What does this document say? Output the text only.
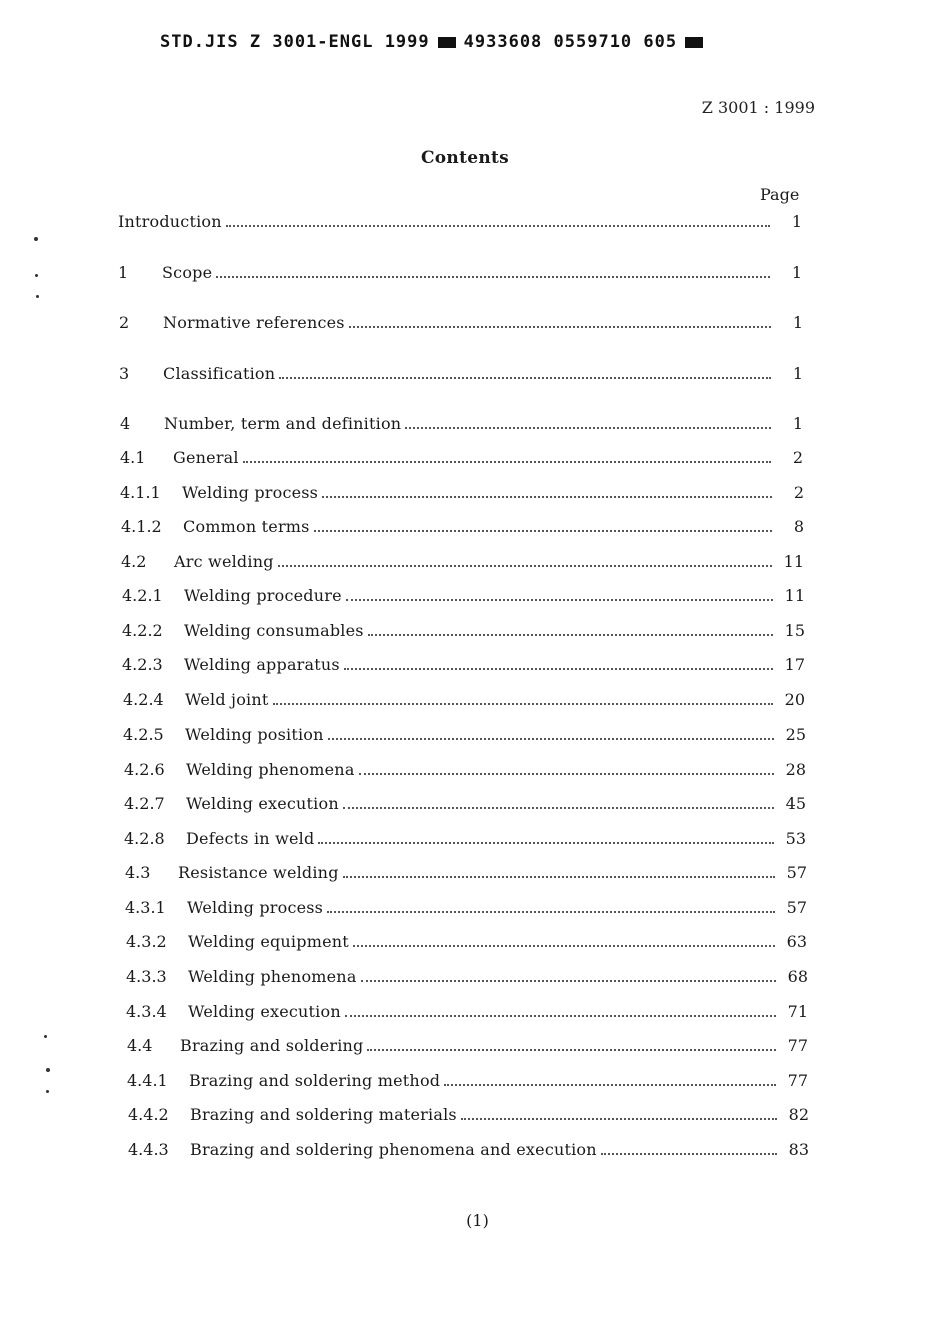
STD.JIS Z 3001-ENGL 1999 4933608 0559710 605
Z 3001 : 1999
Contents
Page
Introduction	1
1	Scope	1
2	Normative references	1
3	Classification	1
4	Number, term and definition	1
4.1	General	2
4.1.1	Welding process	2
4.1.2	Common terms	8
4.2	Arc welding	11
4.2.1	Welding procedure	11
4.2.2	Welding consumables	15
4.2.3	Welding apparatus	17
4.2.4	Weld joint	20
4.2.5	Welding position	25
4.2.6	Welding phenomena	28
4.2.7	Welding execution	45
4.2.8	Defects in weld	53
4.3	Resistance welding	57
4.3.1	Welding process	57
4.3.2	Welding equipment	63
4.3.3	Welding phenomena	68
4.3.4	Welding execution	71
4.4	Brazing and soldering	77
4.4.1	Brazing and soldering method	77
4.4.2	Brazing and soldering materials	82
4.4.3	Brazing and soldering phenomena and execution	83
(1)
